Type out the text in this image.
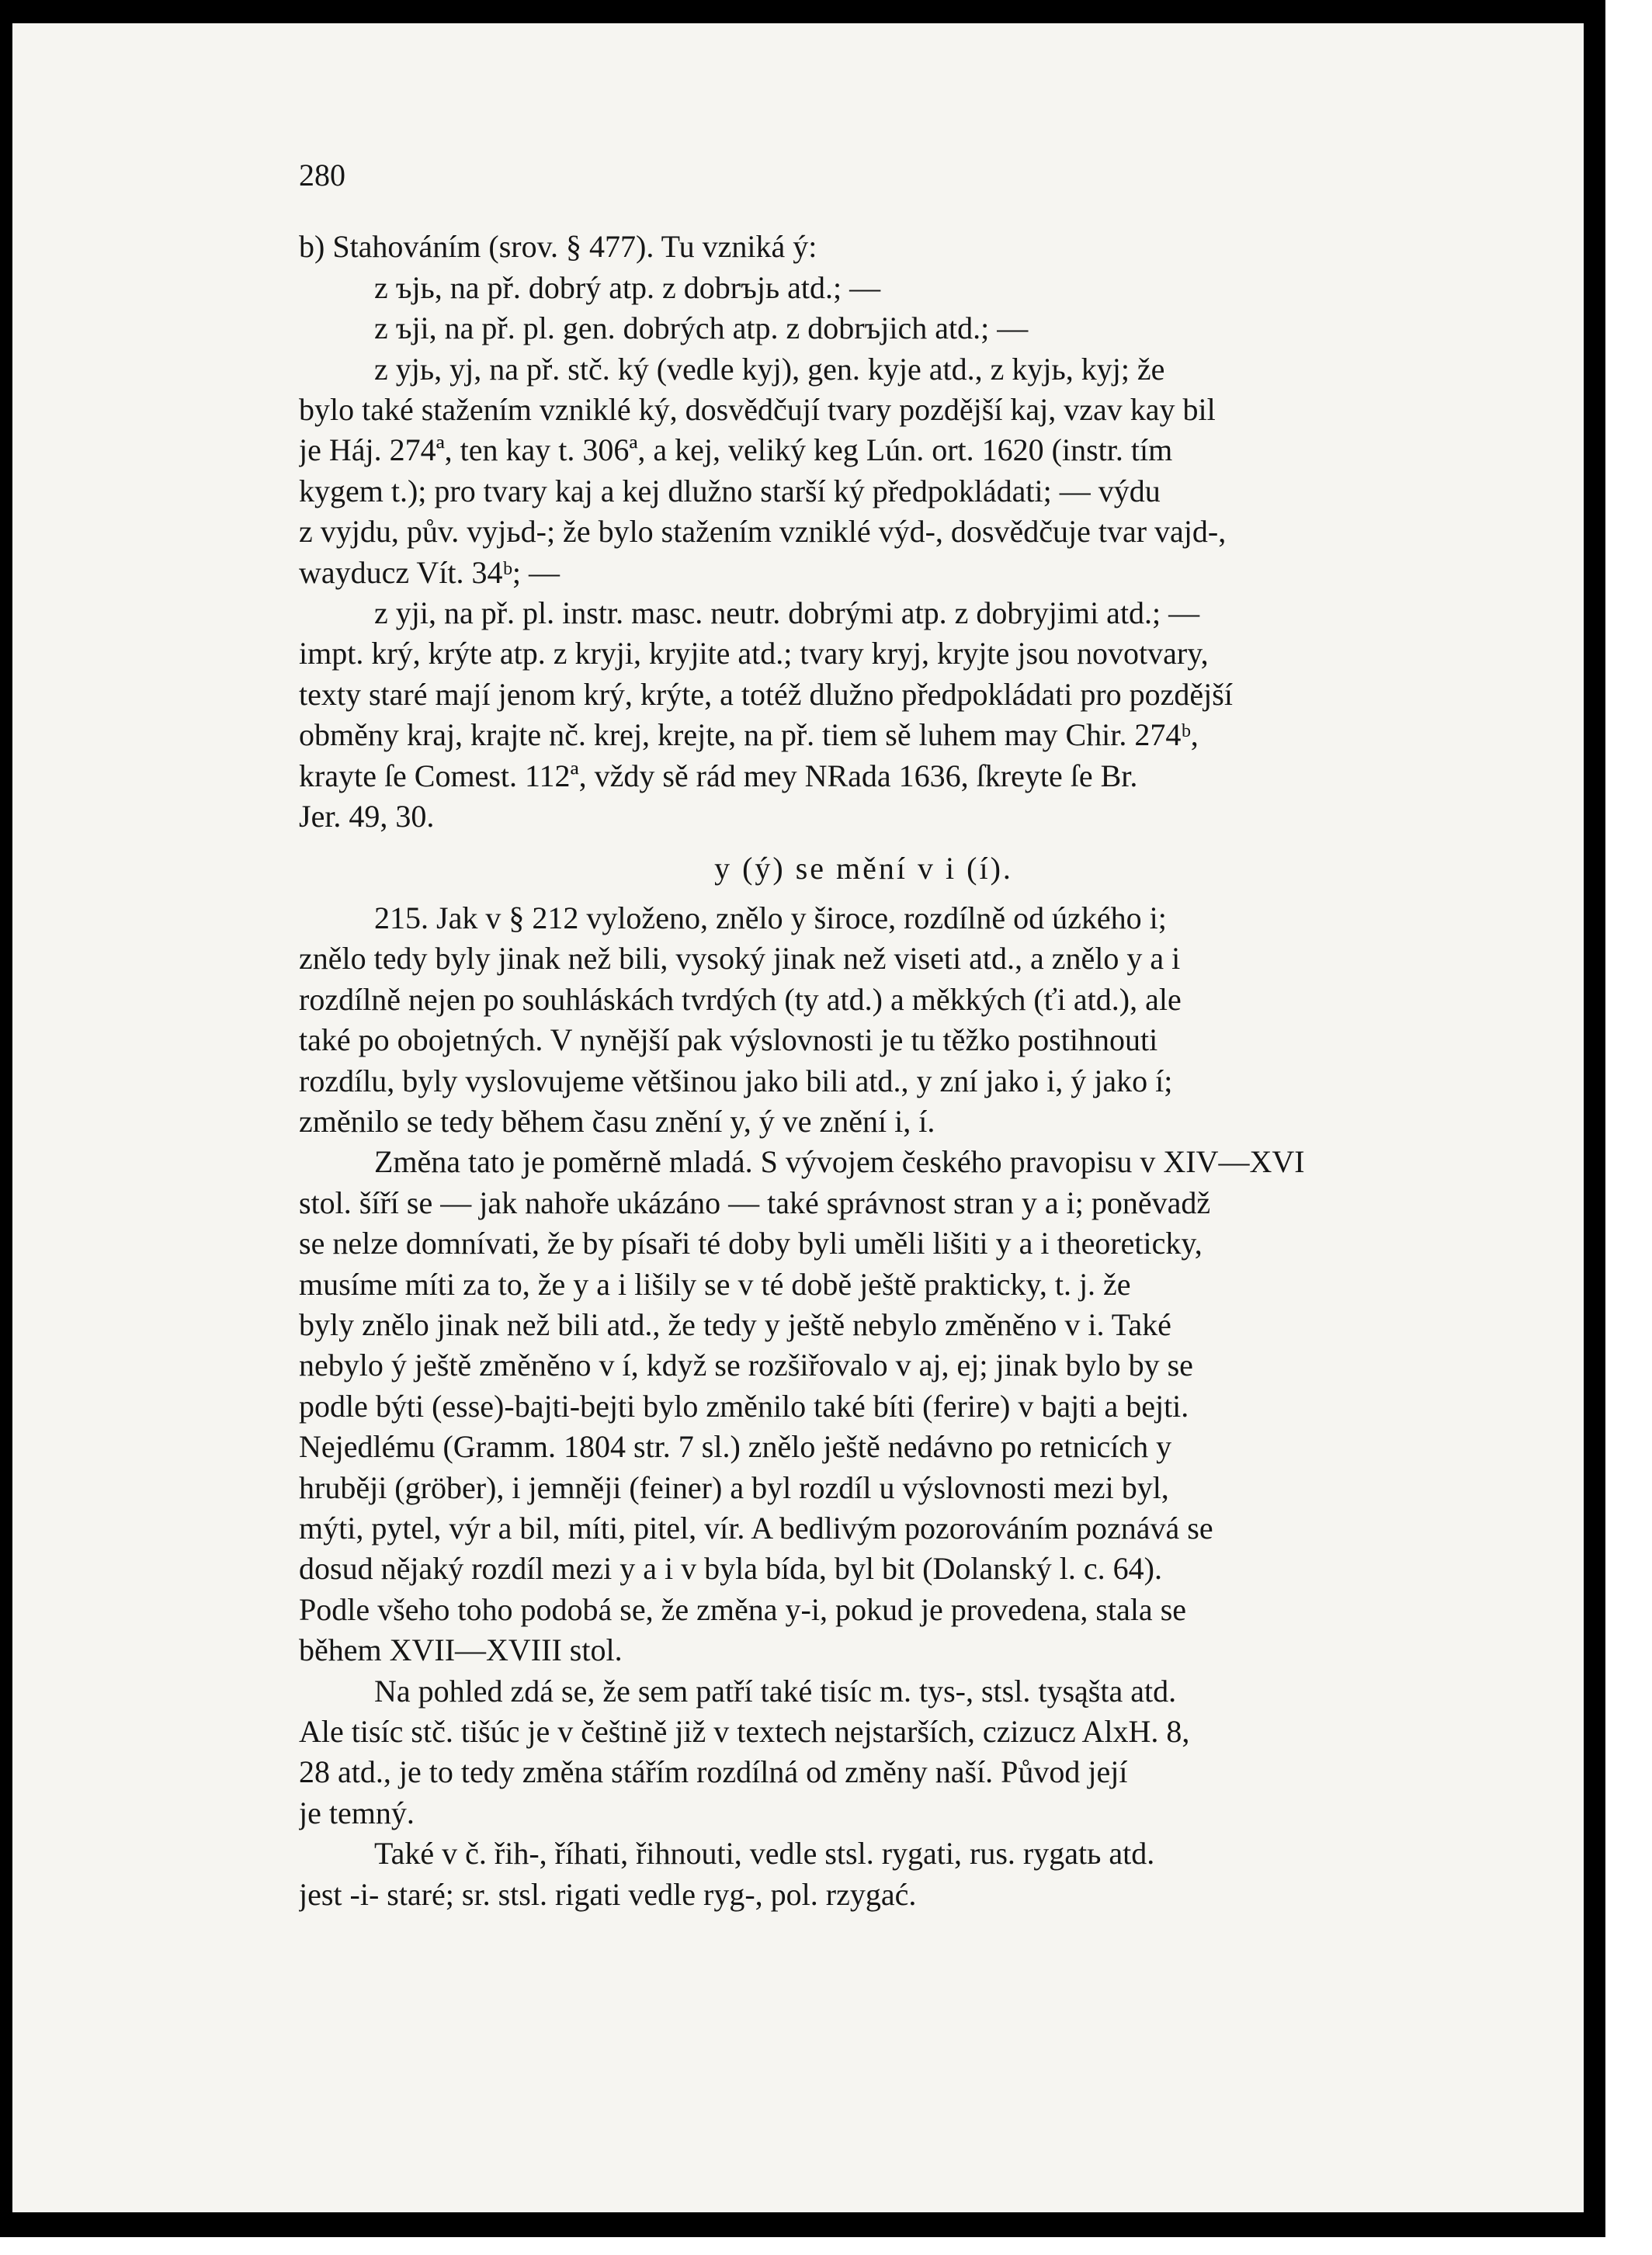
280
b) Stahováním (srov. § 477). Tu vzniká ý:
z ъjь, na př. dobrý atp. z dobrъjь atd.; —
z ъji, na př. pl. gen. dobrých atp. z dobrъjich atd.; —
z yjь, yj, na př. stč. ký (vedle kyj), gen. kyje atd., z kyjь, kyj; že
bylo také stažením vzniklé ký, dosvědčují tvary pozdější kaj, vzav kay bil
je Háj. 274ª, ten kay t. 306ª, a kej, veliký keg Lún. ort. 1620 (instr. tím
kygem t.); pro tvary kaj a kej dlužno starší ký předpokládati; — výdu
z vyjdu, pův. vyjьd-; že bylo stažením vzniklé výd-, dosvědčuje tvar vajd-,
wayducz Vít. 34ᵇ; —
z yji, na př. pl. instr. masc. neutr. dobrými atp. z dobryjimi atd.; —
impt. krý, krýte atp. z kryji, kryjite atd.; tvary kryj, kryjte jsou novotvary,
texty staré mají jenom krý, krýte, a totéž dlužno předpokládati pro pozdější
obměny kraj, krajte nč. krej, krejte, na př. tiem sě luhem may Chir. 274ᵇ,
krayte ſe Comest. 112ª, vždy sě rád mey NRada 1636, ſkreyte ſe Br.
Jer. 49, 30.
y (ý) se mění v i (í).
215. Jak v § 212 vyloženo, znělo y široce, rozdílně od úzkého i;
znělo tedy byly jinak než bili, vysoký jinak než viseti atd., a znělo y a i
rozdílně nejen po souhláskách tvrdých (ty atd.) a měkkých (ťi atd.), ale
také po obojetných. V nynější pak výslovnosti je tu těžko postihnouti
rozdílu, byly vyslovujeme většinou jako bili atd., y zní jako i, ý jako í;
změnilo se tedy během času znění y, ý ve znění i, í.
Změna tato je poměrně mladá. S vývojem českého pravopisu v XIV—XVI
stol. šíří se — jak nahoře ukázáno — také správnost stran y a i; poněvadž
se nelze domnívati, že by písaři té doby byli uměli lišiti y a i theoreticky,
musíme míti za to, že y a i lišily se v té době ještě prakticky, t. j. že
byly znělo jinak než bili atd., že tedy y ještě nebylo změněno v i. Také
nebylo ý ještě změněno v í, když se rozšiřovalo v aj, ej; jinak bylo by se
podle býti (esse)-bajti-bejti bylo změnilo také bíti (ferire) v bajti a bejti.
Nejedlému (Gramm. 1804 str. 7 sl.) znělo ještě nedávno po retnicích y
hruběji (gröber), i jemněji (feiner) a byl rozdíl u výslovnosti mezi byl,
mýti, pytel, výr a bil, míti, pitel, vír. A bedlivým pozorováním poznává se
dosud nějaký rozdíl mezi y a i v byla bída, byl bit (Dolanský l. c. 64).
Podle všeho toho podobá se, že změna y-i, pokud je provedena, stala se
během XVII—XVIII stol.
Na pohled zdá se, že sem patří také tisíc m. tys-, stsl. tysąšta atd.
Ale tisíc stč. tišúc je v češtině již v textech nejstarších, czizucz AlxH. 8,
28 atd., je to tedy změna stářím rozdílná od změny naší. Původ její
je temný.
Také v č. řih-, říhati, řihnouti, vedle stsl. rygati, rus. rygatь atd.
jest -i- staré; sr. stsl. rigati vedle ryg-, pol. rzygać.
